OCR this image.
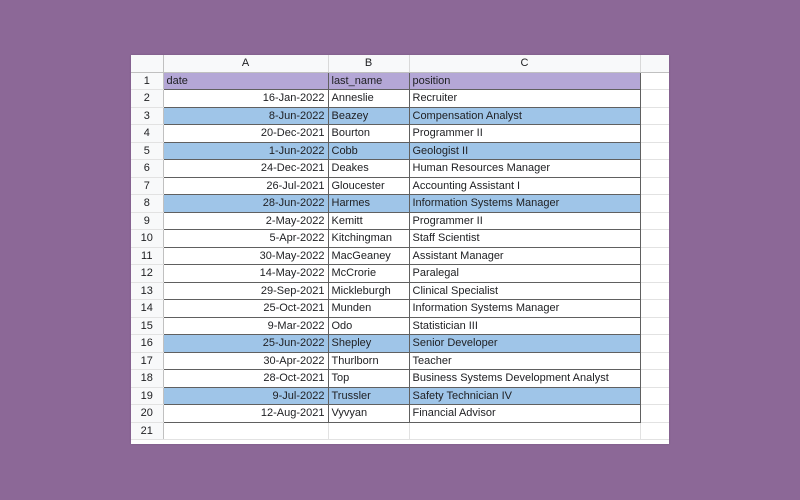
	A	B	C	
1	date	last_name	position	
2	16-Jan-2022	Anneslie	Recruiter	
3	8-Jun-2022	Beazey	Compensation Analyst	
4	20-Dec-2021	Bourton	Programmer II	
5	1-Jun-2022	Cobb	Geologist II	
6	24-Dec-2021	Deakes	Human Resources Manager	
7	26-Jul-2021	Gloucester	Accounting Assistant I	
8	28-Jun-2022	Harmes	Information Systems Manager	
9	2-May-2022	Kemitt	Programmer II	
10	5-Apr-2022	Kitchingman	Staff Scientist	
11	30-May-2022	MacGeaney	Assistant Manager	
12	14-May-2022	McCrorie	Paralegal	
13	29-Sep-2021	Mickleburgh	Clinical Specialist	
14	25-Oct-2021	Munden	Information Systems Manager	
15	9-Mar-2022	Odo	Statistician III	
16	25-Jun-2022	Shepley	Senior Developer	
17	30-Apr-2022	Thurlborn	Teacher	
18	28-Oct-2021	Top	Business Systems Development Analyst	
19	9-Jul-2022	Trussler	Safety Technician IV	
20	12-Aug-2021	Vyvyan	Financial Advisor	
21				
